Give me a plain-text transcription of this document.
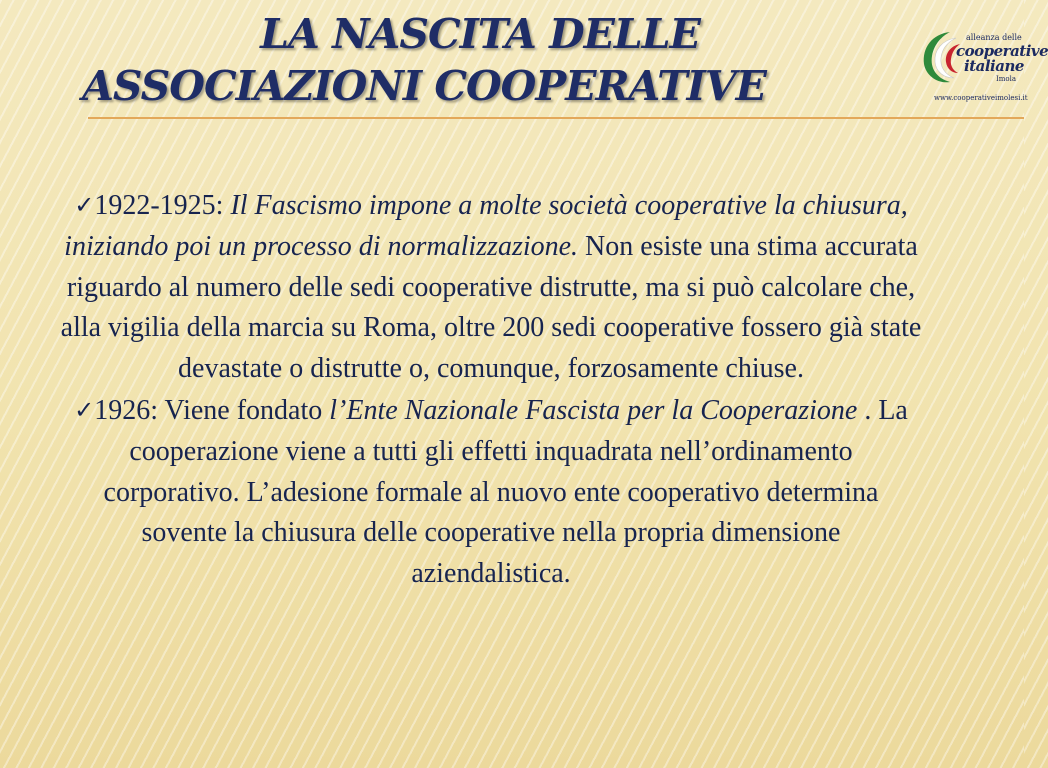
LA NASCITA DELLE
ASSOCIAZIONI COOPERATIVE
alleanza delle
cooperative
italiane
Imola
www.cooperativeimolesi.it
✓1922-1925: Il Fascismo impone a molte società cooperative la chiusura, iniziando poi un processo di normalizzazione. Non esiste una stima accurata riguardo al numero delle sedi cooperative distrutte, ma si può calcolare che, alla vigilia della marcia su Roma, oltre 200 sedi cooperative fossero già state devastate o distrutte o, comunque, forzosamente chiuse.
✓1926: Viene fondato l’Ente Nazionale Fascista per la Cooperazione . La cooperazione viene a tutti gli effetti inquadrata nell’ordinamento corporativo. L’adesione formale al nuovo ente cooperativo determina sovente la chiusura delle cooperative nella propria dimensione aziendalistica.
